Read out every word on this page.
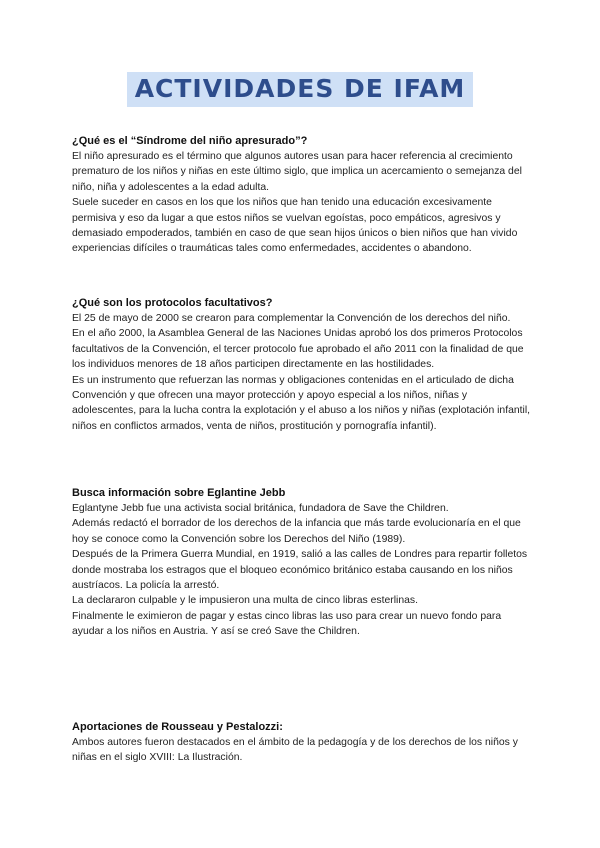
ACTIVIDADES DE IFAM
¿Qué es el “Síndrome del niño apresurado”?

El niño apresurado es el término que algunos autores usan para hacer referencia al crecimiento prematuro de los niños y niñas en este último siglo, que implica un acercamiento o semejanza del niño, niña y adolescentes a la edad adulta.

Suele suceder en casos en los que los niños que han tenido una educación excesivamente permisiva y eso da lugar a que estos niños se vuelvan egoístas, poco empáticos, agresivos y demasiado empoderados, también en caso de que sean hijos únicos o bien niños que han vivido experiencias difíciles o traumáticas tales como enfermedades, accidentes o abandono.

¿Qué son los protocolos facultativos?

El 25 de mayo de 2000 se crearon para complementar la Convención de los derechos del niño.

En el año 2000, la Asamblea General de las Naciones Unidas aprobó los dos primeros Protocolos facultativos de la Convención, el tercer protocolo fue aprobado el año 2011 con la finalidad de que los individuos menores de 18 años participen directamente en las hostilidades.

Es un instrumento que refuerzan las normas y obligaciones contenidas en el articulado de dicha Convención y que ofrecen una mayor protección y apoyo especial a los niños, niñas y adolescentes, para la lucha contra la explotación y el abuso a los niños y niñas (explotación infantil, niños en conflictos armados, venta de niños, prostitución y pornografía infantil).

Busca información sobre Eglantine Jebb

Eglantyne Jebb fue una activista social británica, fundadora de Save the Children.

Además redactó el borrador de los derechos de la infancia que más tarde evolucionaría en el que hoy se conoce como la Convención sobre los Derechos del Niño (1989).

Después de la Primera Guerra Mundial, en 1919, salió a las calles de Londres para repartir folletos donde mostraba los estragos que el bloqueo económico británico estaba causando en los niños austríacos. La policía la arrestó.

La declararon culpable y le impusieron una multa de cinco libras esterlinas.

Finalmente le eximieron de pagar y estas cinco libras las uso para crear un nuevo fondo para ayudar a los niños en Austria. Y así se creó Save the Children.

Aportaciones de Rousseau y Pestalozzi:

Ambos autores fueron destacados en el ámbito de la pedagogía y de los derechos de los niños y niñas en el siglo XVIII: La Ilustración.
